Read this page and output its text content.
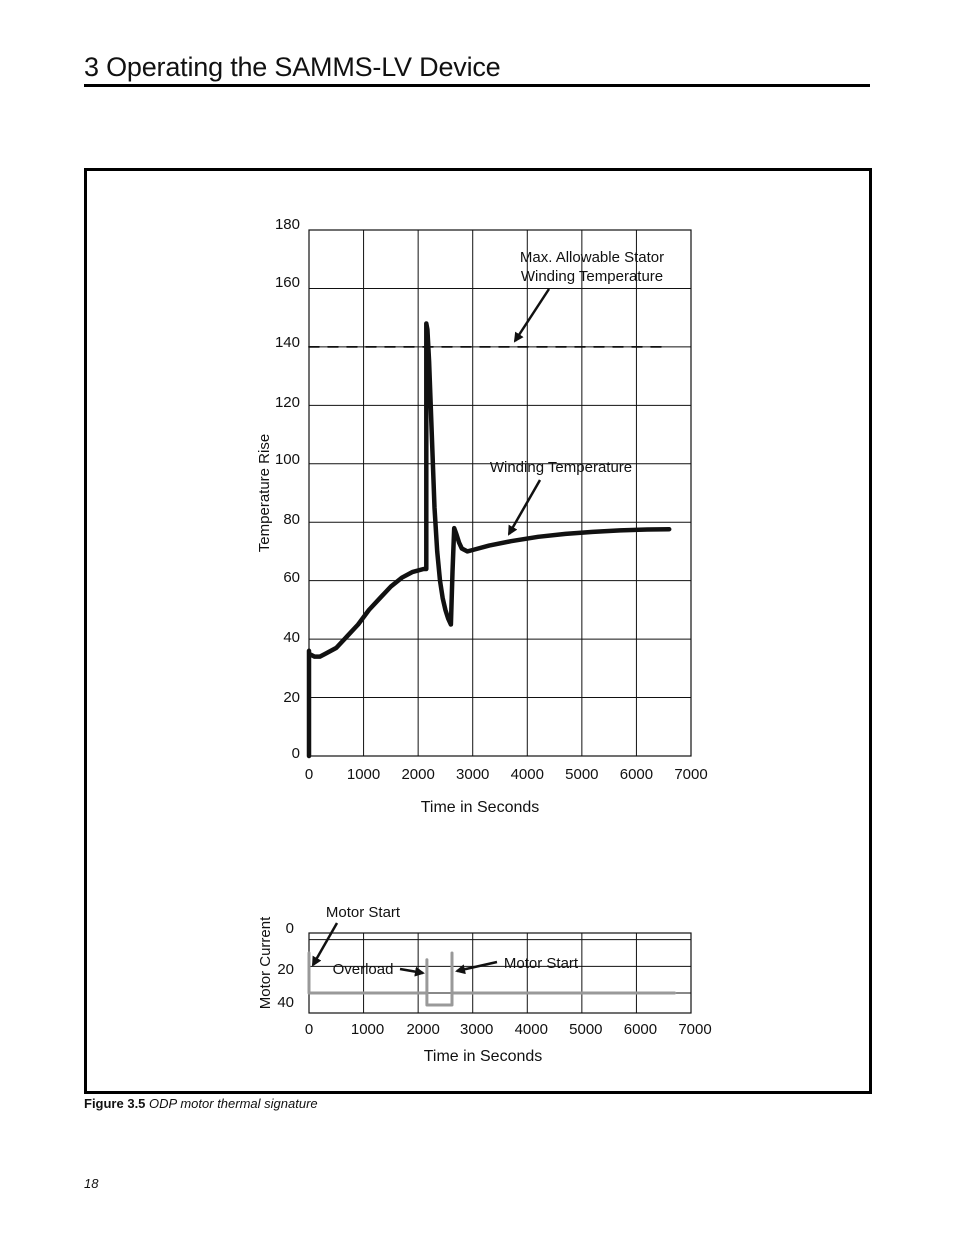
3 Operating the SAMMS-LV Device
0 1000 2000 3000 4000 5000 6000 7000
0
20
40
60
80
100
120
140
160
180
Time in Seconds
Temperature Rise
Max. Allowable Stator
Winding Temperature
Winding Temperature
0	1000 2000 3000 4000 5000 6000 7000
0
20
40
Time in Seconds
Motor Current
Motor Start
Overload	Motor Start
Figure 3.5 ODP motor thermal signature
18
